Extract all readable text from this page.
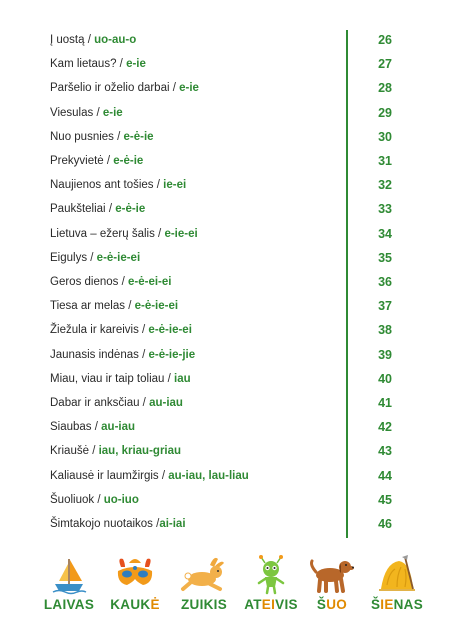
Į uostą / uo-au-o	26
Kam lietaus? / e-ie	27
Paršelio ir oželio darbai / e-ie	28
Viesulas / e-ie	29
Nuo pusnies / e-ė-ie	30
Prekyvietė / e-ė-ie	31
Naujienos ant tošies / ie-ei	32
Paukšteliai / e-ė-ie	33
Lietuva – ežerų šalis / e-ie-ei	34
Eigulys / e-ė-ie-ei	35
Geros dienos / e-ė-ei-ei	36
Tiesa ar melas / e-ė-ie-ei	37
Žiežula ir kareivis / e-ė-ie-ei	38
Jaunasis indėnas / e-ė-ie-jie	39
Miau, viau ir taip toliau / iau	40
Dabar ir anksčiau / au-iau	41
Siaubas / au-iau	42
Kriaušė / iau, kriau-griau	43
Kaliausė ir laumžirgis / au-iau, lau-liau	44
Šuoliuok / uo-iuo	45
Šimtakojo nuotaikos /ai-iai	46
LAIVAS	KAUKĖ	ZUIKIS	ATEIVIS	ŠUO	ŠIENAS
